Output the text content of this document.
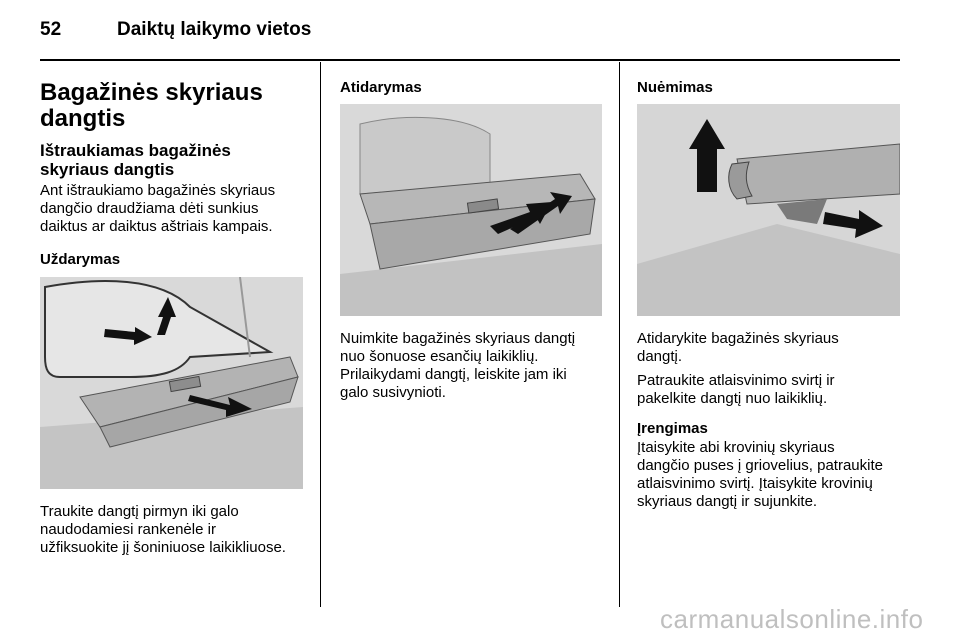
52	Daiktų laikymo vietos
Bagažinės skyriaus
dangtis
Ištraukiamas bagažinės
skyriaus dangtis
Ant ištraukiamo bagažinės skyriaus
dangčio draudžiama dėti sunkius
daiktus ar daiktus aštriais kampais.
Uždarymas
Traukite dangtį pirmyn iki galo
naudodamiesi rankenėle ir
užfiksuokite jį šoniniuose laikikliuose.
Atidarymas
Nuimkite bagažinės skyriaus dangtį
nuo šonuose esančių laikiklių.
Prilaikydami dangtį, leiskite jam iki
galo susivynioti.
Nuėmimas
Atidarykite bagažinės skyriaus
dangtį.
Patraukite atlaisvinimo svirtį ir
pakelkite dangtį nuo laikiklių.
Įrengimas
Įtaisykite abi krovinių skyriaus
dangčio puses į griovelius, patraukite
atlaisvinimo svirtį. Įtaisykite krovinių
skyriaus dangtį ir sujunkite.
carmanualsonline.info
